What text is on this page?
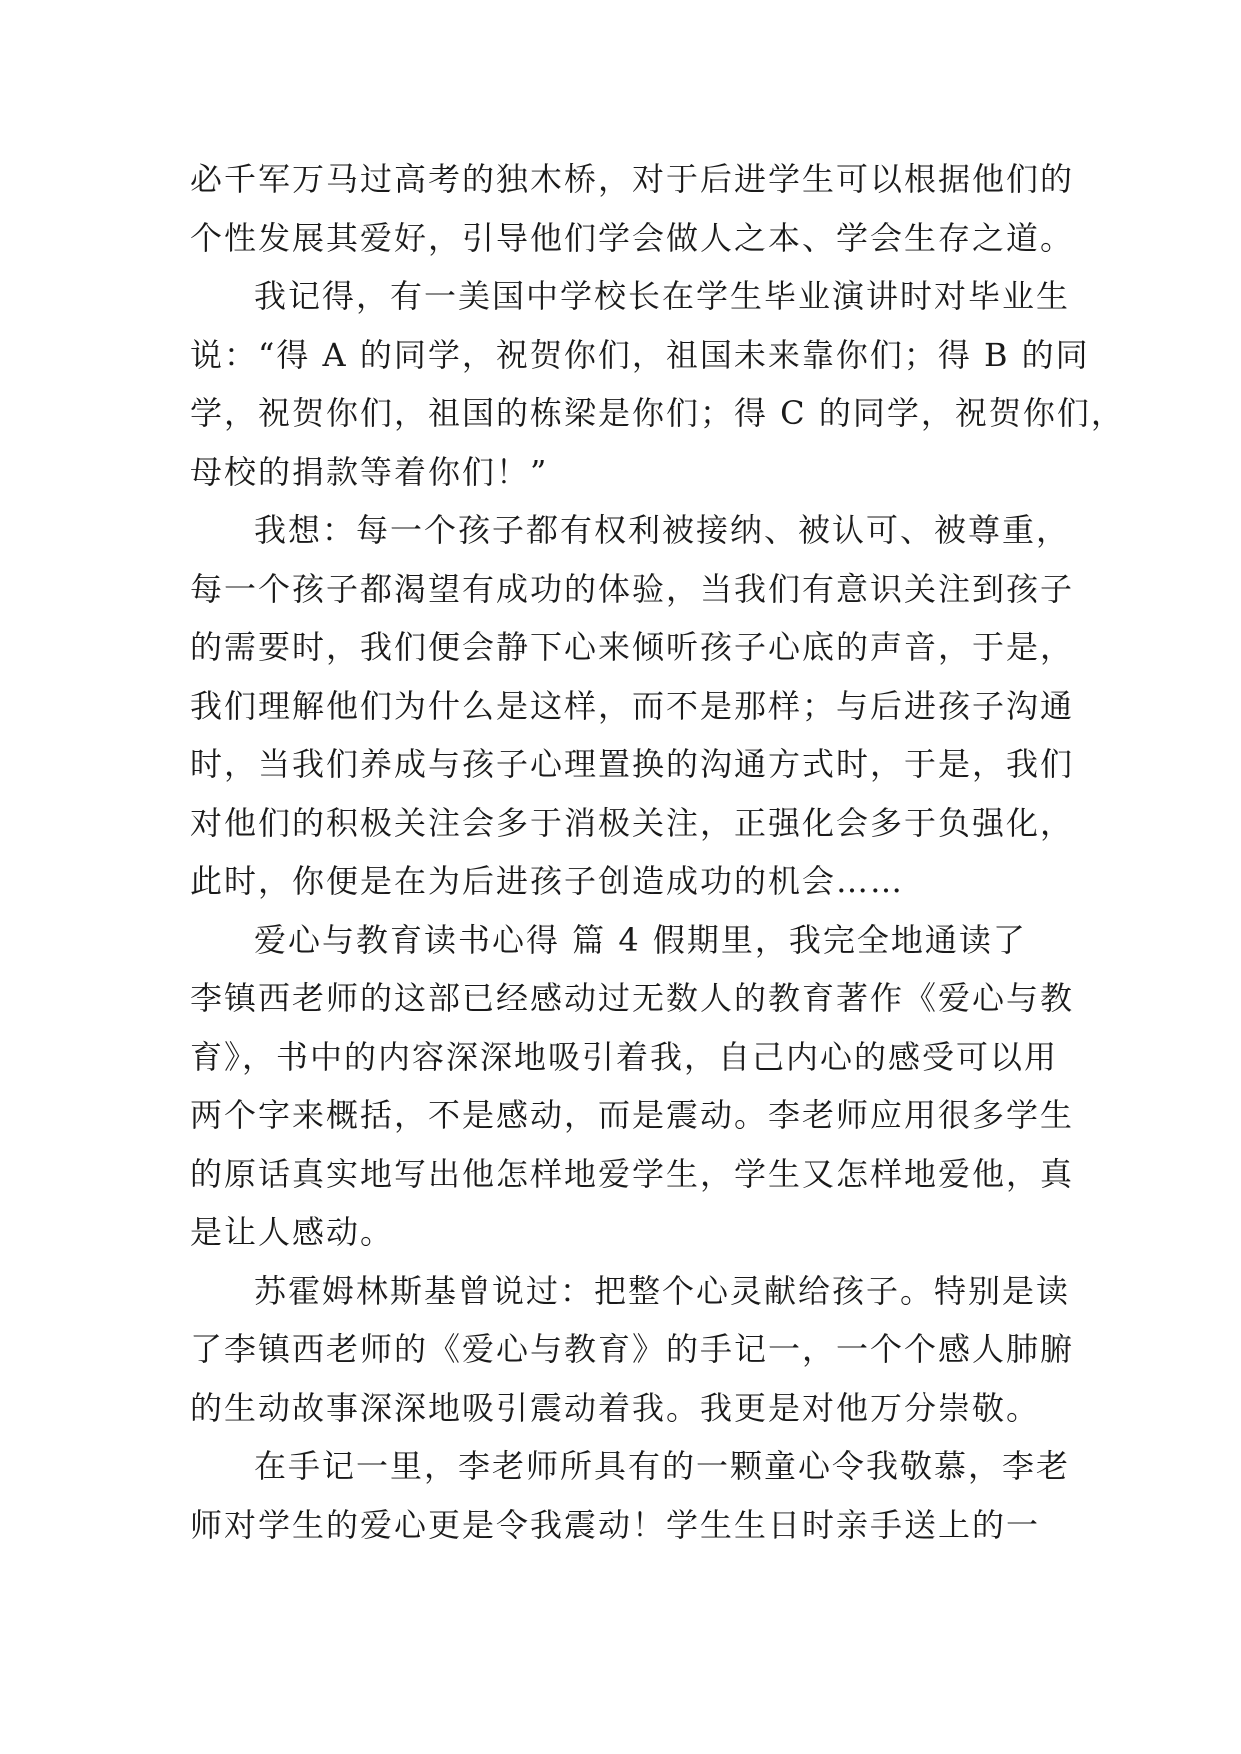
必千军万马过高考的独木桥，对于后进学生可以根据他们的
个性发展其爱好，引导他们学会做人之本、学会生存之道。
我记得，有一美国中学校长在学生毕业演讲时对毕业生
说：“得 A 的同学，祝贺你们，祖国未来靠你们；得 B 的同
学，祝贺你们，祖国的栋梁是你们；得 C 的同学，祝贺你们，
母校的捐款等着你们！”
我想：每一个孩子都有权利被接纳、被认可、被尊重，
每一个孩子都渴望有成功的体验，当我们有意识关注到孩子
的需要时，我们便会静下心来倾听孩子心底的声音，于是，
我们理解他们为什么是这样，而不是那样；与后进孩子沟通
时，当我们养成与孩子心理置换的沟通方式时，于是，我们
对他们的积极关注会多于消极关注，正强化会多于负强化，
此时，你便是在为后进孩子创造成功的机会……
爱心与教育读书心得 篇 4 假期里，我完全地通读了
李镇西老师的这部已经感动过无数人的教育著作《爱心与教
育》，书中的内容深深地吸引着我，自己内心的感受可以用
两个字来概括，不是感动，而是震动。李老师应用很多学生
的原话真实地写出他怎样地爱学生，学生又怎样地爱他，真
是让人感动。
苏霍姆林斯基曾说过：把整个心灵献给孩子。特别是读
了李镇西老师的《爱心与教育》的手记一，一个个感人肺腑
的生动故事深深地吸引震动着我。我更是对他万分崇敬。
在手记一里，李老师所具有的一颗童心令我敬慕，李老
师对学生的爱心更是令我震动！学生生日时亲手送上的一
